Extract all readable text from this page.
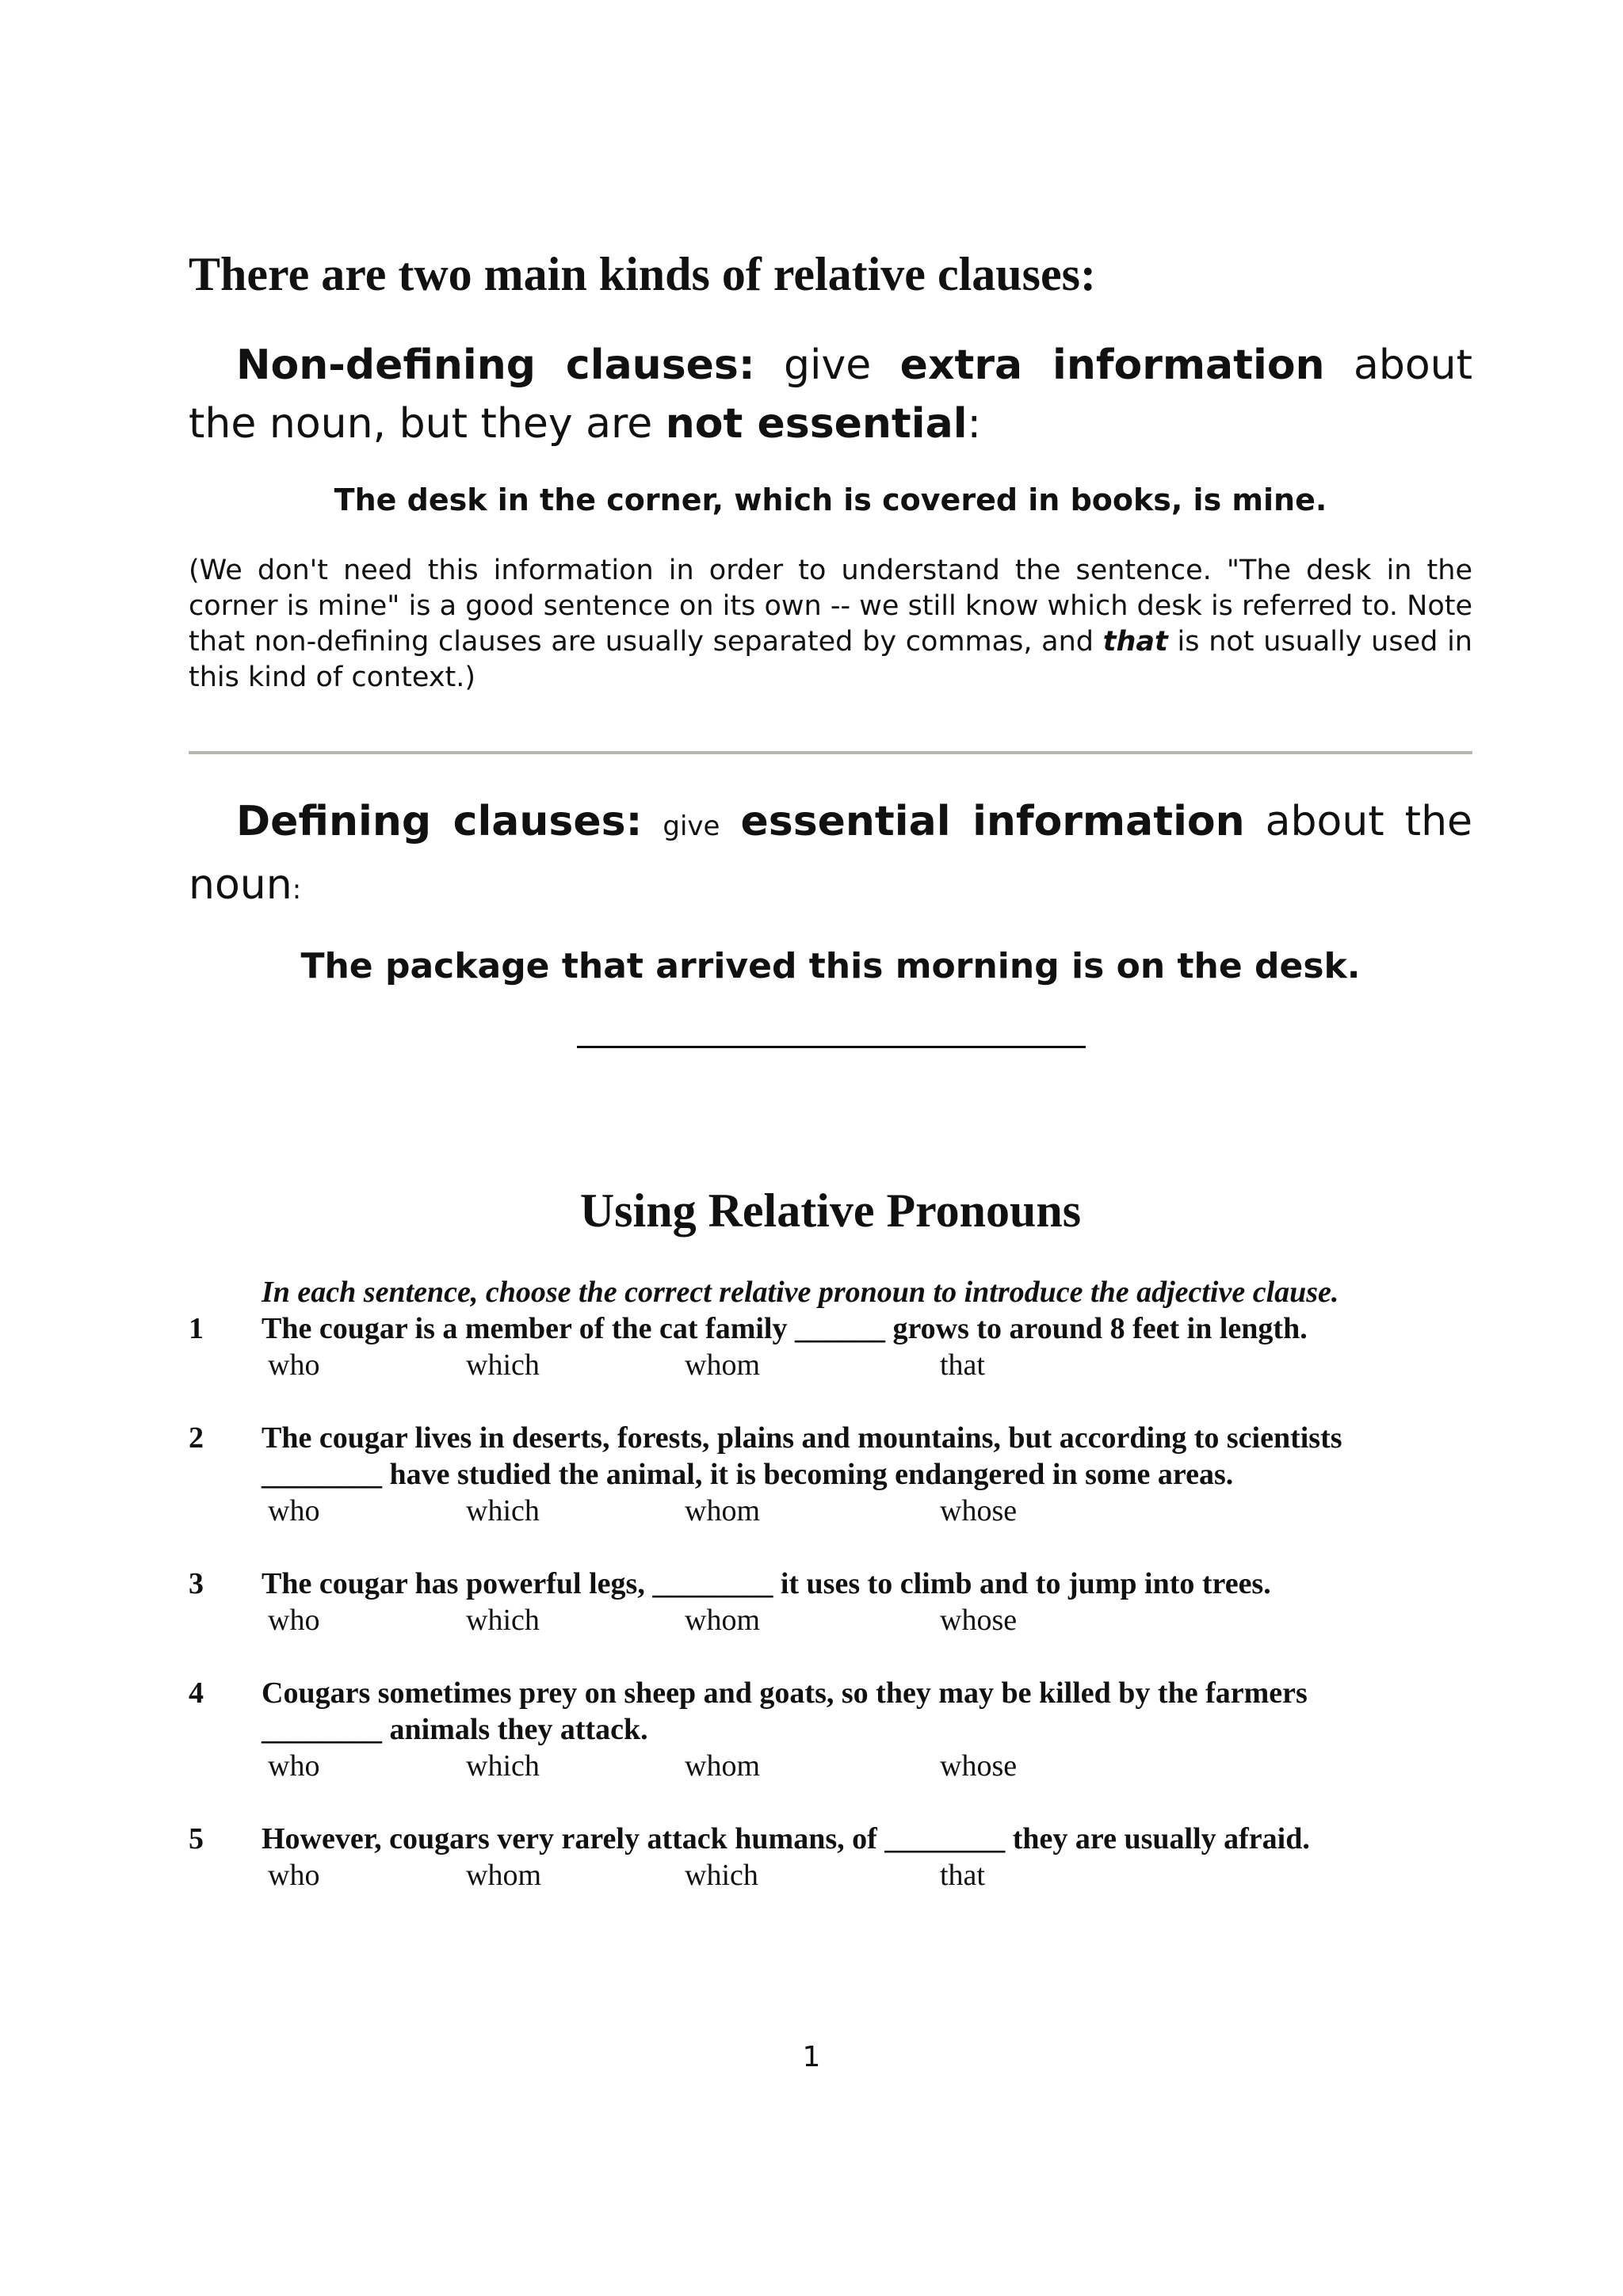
There are two main kinds of relative clauses:

Non-defining clauses: give extra information about the noun, but they are not essential:

The desk in the corner, which is covered in books, is mine.

(We don't need this information in order to understand the sentence. "The desk in the corner is mine" is a good sentence on its own -- we still know which desk is referred to. Note that non-defining clauses are usually separated by commas, and that is not usually used in this kind of context.)

Defining clauses: give essential information about the noun:

The package that arrived this morning is on the desk.

Using Relative Pronouns

In each sentence, choose the correct relative pronoun to introduce the adjective clause.

1 The cougar is a member of the cat family ______ grows to around 8 feet in length.

who	which	whom	that
2 The cougar lives in deserts, forests, plains and mountains, but according to scientists

________ have studied the animal, it is becoming endangered in some areas.

who	which	whom	whose
3 The cougar has powerful legs, ________ it uses to climb and to jump into trees.

who	which	whom	whose
4 Cougars sometimes prey on sheep and goats, so they may be killed by the farmers

________ animals they attack.

who	which	whom	whose
5 However, cougars very rarely attack humans, of ________ they are usually afraid.

who	whom	which	that
1
